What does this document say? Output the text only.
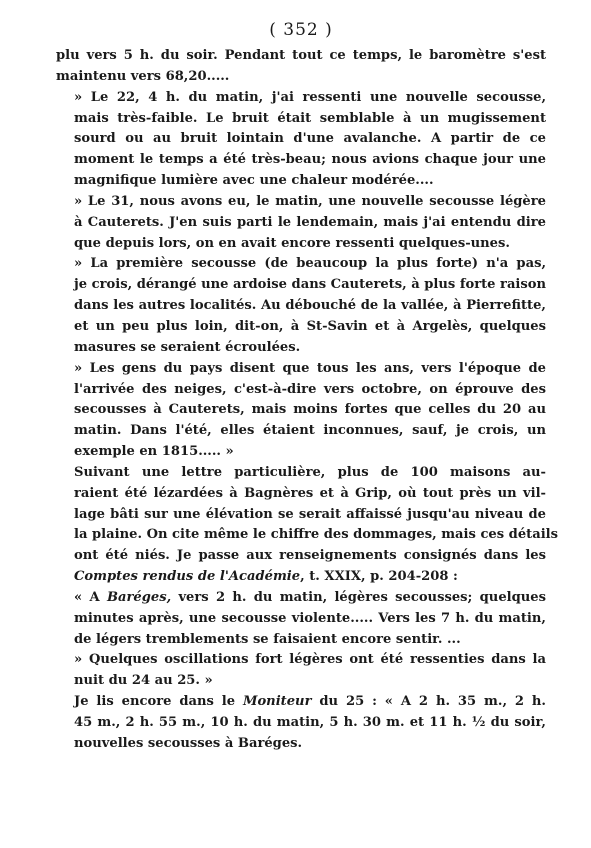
( 352 )

plu vers 5 h. du soir. Pendant tout ce temps, le baromètre s'est
maintenu vers 68,20.....

» Le 22, 4 h. du matin, j'ai ressenti une nouvelle secousse,
mais très-faible. Le bruit était semblable à un mugissement
sourd ou au bruit lointain d'une avalanche. A partir de ce
moment le temps a été très-beau; nous avions chaque jour une
magnifique lumière avec une chaleur modérée....

» Le 31, nous avons eu, le matin, une nouvelle secousse légère
à Cauterets. J'en suis parti le lendemain, mais j'ai entendu dire
que depuis lors, on en avait encore ressenti quelques-unes.

» La première secousse (de beaucoup la plus forte) n'a pas,
je crois, dérangé une ardoise dans Cauterets, à plus forte raison
dans les autres localités. Au débouché de la vallée, à Pierrefitte,
et un peu plus loin, dit-on, à St-Savin et à Argelès, quelques
masures se seraient écroulées.

» Les gens du pays disent que tous les ans, vers l'époque de
l'arrivée des neiges, c'est-à-dire vers octobre, on éprouve des
secousses à Cauterets, mais moins fortes que celles du 20 au
matin. Dans l'été, elles étaient inconnues, sauf, je crois, un
exemple en 1815..... »

Suivant une lettre particulière, plus de 100 maisons au-
raient été lézardées à Bagnères et à Grip, où tout près un vil-
lage bâti sur une élévation se serait affaissé jusqu'au niveau de
la plaine. On cite même le chiffre des dommages, mais ces détails
ont été niés. Je passe aux renseignements consignés dans les
Comptes rendus de l'Académie, t. XXIX, p. 204-208 :

« A Baréges, vers 2 h. du matin, légères secousses; quelques
minutes après, une secousse violente..... Vers les 7 h. du matin,
de légers tremblements se faisaient encore sentir. ...

» Quelques oscillations fort légères ont été ressenties dans la
nuit du 24 au 25. »

Je lis encore dans le Moniteur du 25 : « A 2 h. 35 m., 2 h.
45 m., 2 h. 55 m., 10 h. du matin, 5 h. 30 m. et 11 h. ½ du soir,
nouvelles secousses à Baréges.
